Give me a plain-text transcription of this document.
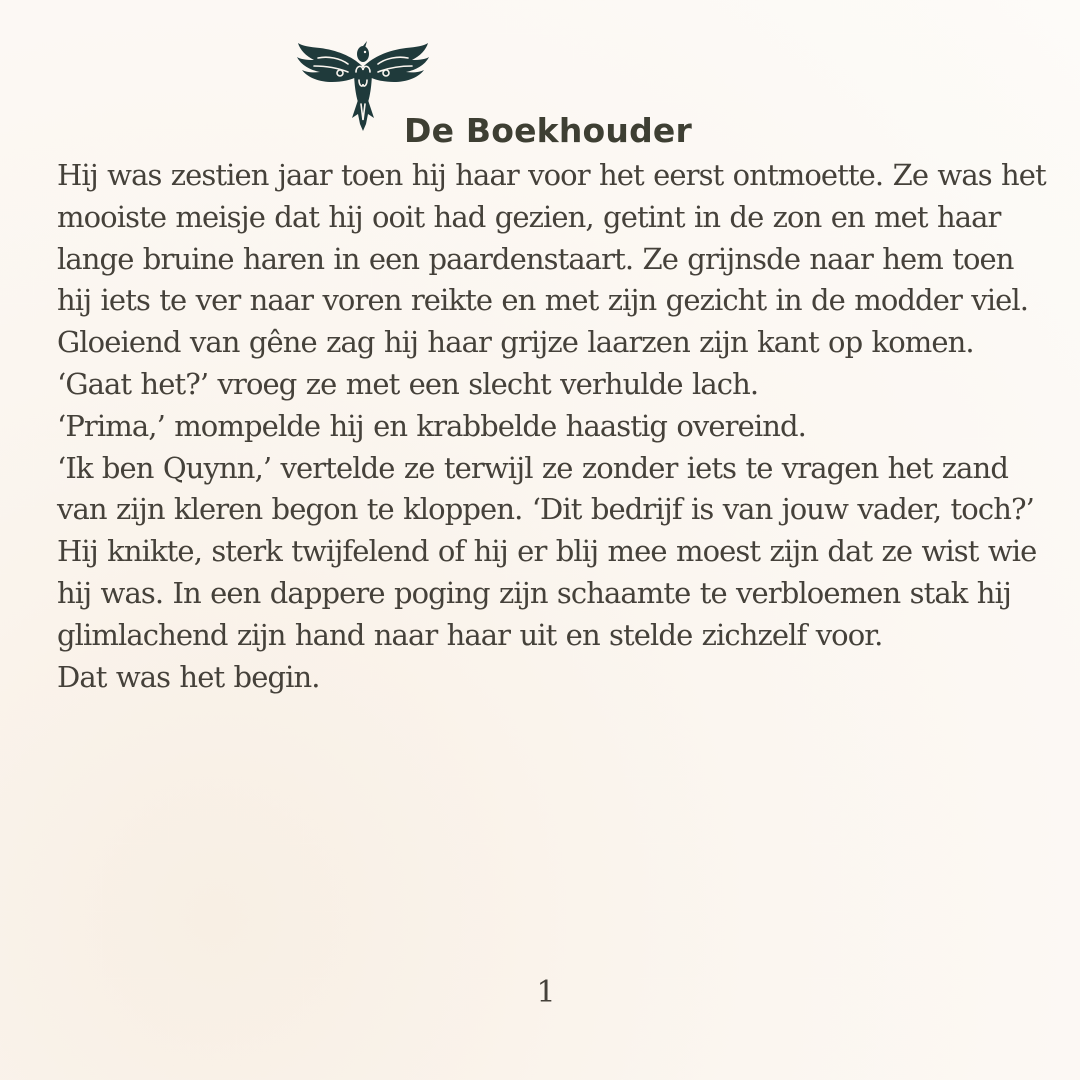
De Boekhouder

Hij was zestien jaar toen hij haar voor het eerst ontmoette. Ze was het mooiste meisje dat hij ooit had gezien, getint in de zon en met haar lange bruine haren in een paardenstaart. Ze grijnsde naar hem toen hij iets te ver naar voren reikte en met zijn gezicht in de modder viel.

Gloeiend van gêne zag hij haar grijze laarzen zijn kant op komen.

‘Gaat het?’ vroeg ze met een slecht verhulde lach.

‘Prima,’ mompelde hij en krabbelde haastig overeind.

‘Ik ben Quynn,’ vertelde ze terwijl ze zonder iets te vragen het zand van zijn kleren begon te kloppen. ‘Dit bedrijf is van jouw vader, toch?’

Hij knikte, sterk twijfelend of hij er blij mee moest zijn dat ze wist wie hij was. In een dappere poging zijn schaamte te verbloemen stak hij glimlachend zijn hand naar haar uit en stelde zichzelf voor.

Dat was het begin.

1
